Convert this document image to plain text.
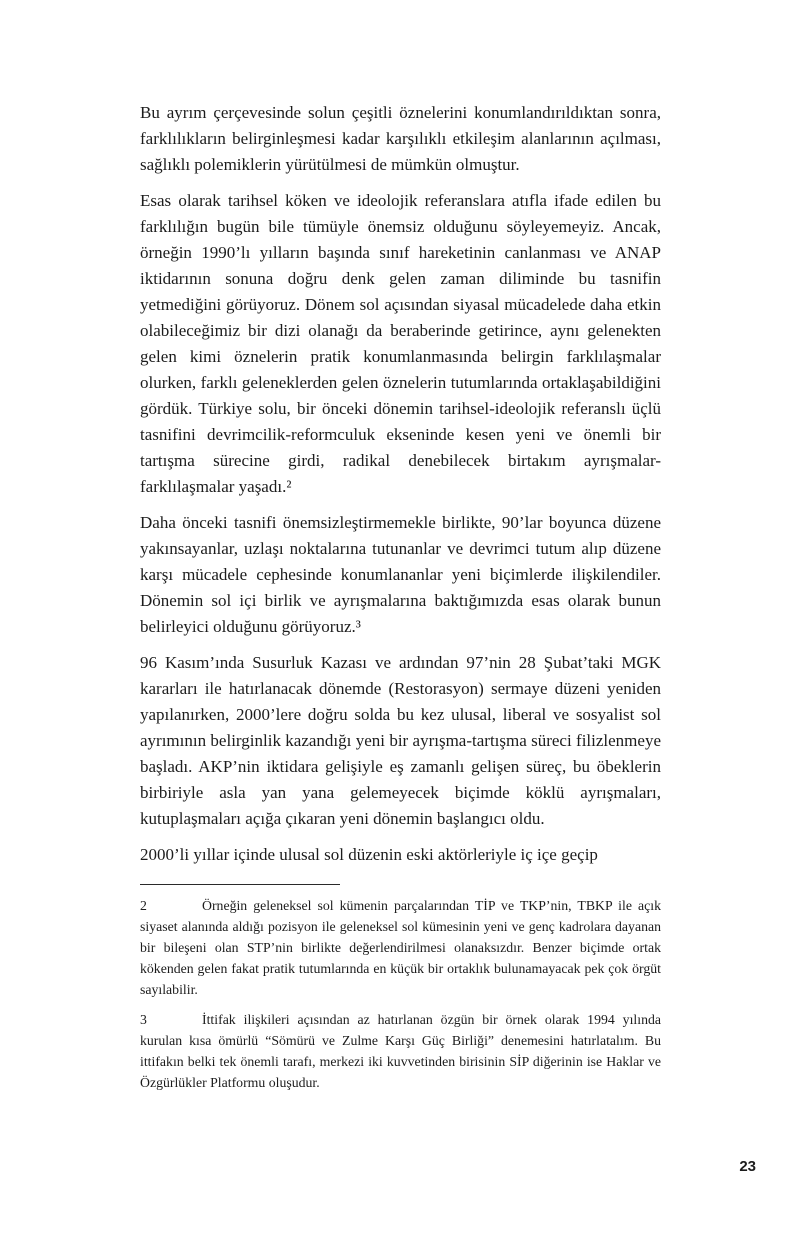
Bu ayrım çerçevesinde solun çeşitli öznelerini konumlandırıldıktan sonra, farklılıkların belirginleşmesi kadar karşılıklı etkileşim alanlarının açılması, sağlıklı polemiklerin yürütülmesi de mümkün olmuştur.

Esas olarak tarihsel köken ve ideolojik referanslara atıfla ifade edilen bu farklılığın bugün bile tümüyle önemsiz olduğunu söyleyemeyiz. Ancak, örneğin 1990’lı yılların başında sınıf hareketinin canlanması ve ANAP iktidarının sonuna doğru denk gelen zaman diliminde bu tasnifin yetmediğini görüyoruz. Dönem sol açısından siyasal mücadelede daha etkin olabileceğimiz bir dizi olanağı da beraberinde getirince, aynı gelenekten gelen kimi öznelerin pratik konumlanmasında belirgin farklılaşmalar olurken, farklı geleneklerden gelen öznelerin tutumlarında ortaklaşabildiğini gördük. Türkiye solu, bir önceki dönemin tarihsel-ideolojik referanslı üçlü tasnifini devrimcilik-reformculuk ekseninde kesen yeni ve önemli bir tartışma sürecine girdi, radikal denebilecek birtakım ayrışmalar-farklılaşmalar yaşadı.²

Daha önceki tasnifi önemsizleştirmemekle birlikte, 90’lar boyunca düzene yakınsayanlar, uzlaşı noktalarına tutunanlar ve devrimci tutum alıp düzene karşı mücadele cephesinde konumlananlar yeni biçimlerde ilişkilendiler. Dönemin sol içi birlik ve ayrışmalarına baktığımızda esas olarak bunun belirleyici olduğunu görüyoruz.³

96 Kasım’ında Susurluk Kazası ve ardından 97’nin 28 Şubat’taki MGK kararları ile hatırlanacak dönemde (Restorasyon) sermaye düzeni yeniden yapılanırken, 2000’lere doğru solda bu kez ulusal, liberal ve sosyalist sol ayrımının belirginlik kazandığı yeni bir ayrışma-tartışma süreci filizlenmeye başladı. AKP’nin iktidara gelişiyle eş zamanlı gelişen süreç, bu öbeklerin birbiriyle asla yan yana gelemeyecek biçimde köklü ayrışmaları, kutuplaşmaları açığa çıkaran yeni dönemin başlangıcı oldu.

2000’li yıllar içinde ulusal sol düzenin eski aktörleriyle iç içe geçip

2	Örneğin geleneksel sol kümenin parçalarından TİP ve TKP’nin, TBKP ile açık siyaset alanında aldığı pozisyon ile geleneksel sol kümesinin yeni ve genç kadrolara dayanan bir bileşeni olan STP’nin birlikte değerlendirilmesi olanaksızdır. Benzer biçimde ortak kökenden gelen fakat pratik tutumlarında en küçük bir ortaklık bulunamayacak pek çok örgüt sayılabilir.

3	İttifak ilişkileri açısından az hatırlanan özgün bir örnek olarak 1994 yılında kurulan kısa ömürlü “Sömürü ve Zulme Karşı Güç Birliği” denemesini hatırlatalım. Bu ittifakın belki tek önemli tarafı, merkezi iki kuvvetinden birisinin SİP diğerinin ise Haklar ve Özgürlükler Platformu oluşudur.

23
